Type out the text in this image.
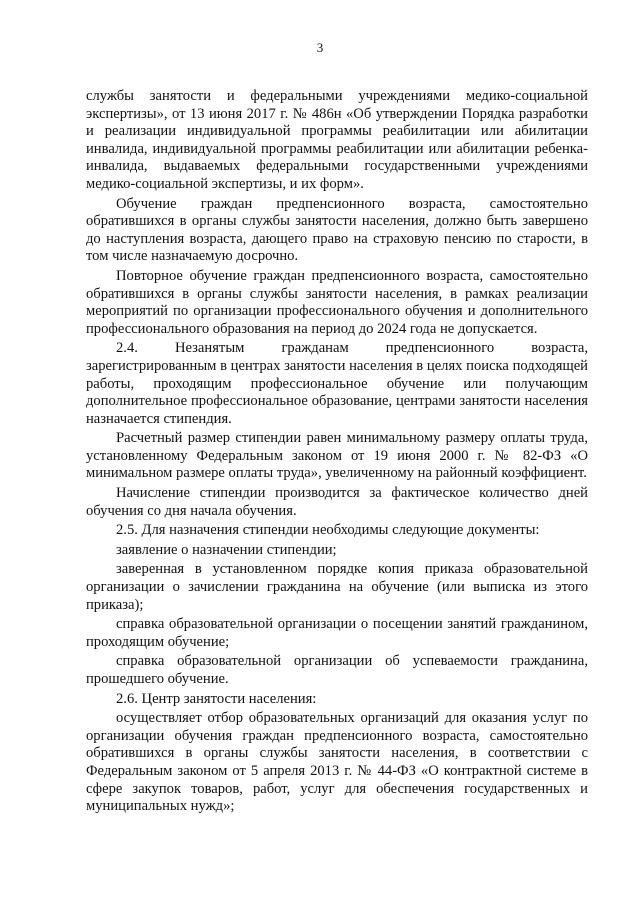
3

службы занятости и федеральными учреждениями медико-социальной экспертизы», от 13 июня 2017 г. № 486н «Об утверждении Порядка разработки и реализации индивидуальной программы реабилитации или абилитации инвалида, индивидуальной программы реабилитации или абилитации ребенка-инвалида, выдаваемых федеральными государственными учреждениями медико-социальной экспертизы, и их форм».

Обучение граждан предпенсионного возраста, самостоятельно обратившихся в органы службы занятости населения, должно быть завершено до наступления возраста, дающего право на страховую пенсию по старости, в том числе назначаемую досрочно.

Повторное обучение граждан предпенсионного возраста, самостоятельно обратившихся в органы службы занятости населения, в рамках реализации мероприятий по организации профессионального обучения и дополнительного профессионального образования на период до 2024 года не допускается.

2.4. Незанятым гражданам предпенсионного возраста, зарегистрированным в центрах занятости населения в целях поиска подходящей работы, проходящим профессиональное обучение или получающим дополнительное профессиональное образование, центрами занятости населения назначается стипендия.

Расчетный размер стипендии равен минимальному размеру оплаты труда, установленному Федеральным законом от 19 июня 2000 г. № 82-ФЗ «О минимальном размере оплаты труда», увеличенному на районный коэффициент.

Начисление стипендии производится за фактическое количество дней обучения со дня начала обучения.

2.5. Для назначения стипендии необходимы следующие документы:

заявление о назначении стипендии;

заверенная в установленном порядке копия приказа образовательной организации о зачислении гражданина на обучение (или выписка из этого приказа);

справка образовательной организации о посещении занятий гражданином, проходящим обучение;

справка образовательной организации об успеваемости гражданина, прошедшего обучение.

2.6. Центр занятости населения:

осуществляет отбор образовательных организаций для оказания услуг по организации обучения граждан предпенсионного возраста, самостоятельно обратившихся в органы службы занятости населения, в соответствии с Федеральным законом от 5 апреля 2013 г. № 44-ФЗ «О контрактной системе в сфере закупок товаров, работ, услуг для обеспечения государственных и муниципальных нужд»;
